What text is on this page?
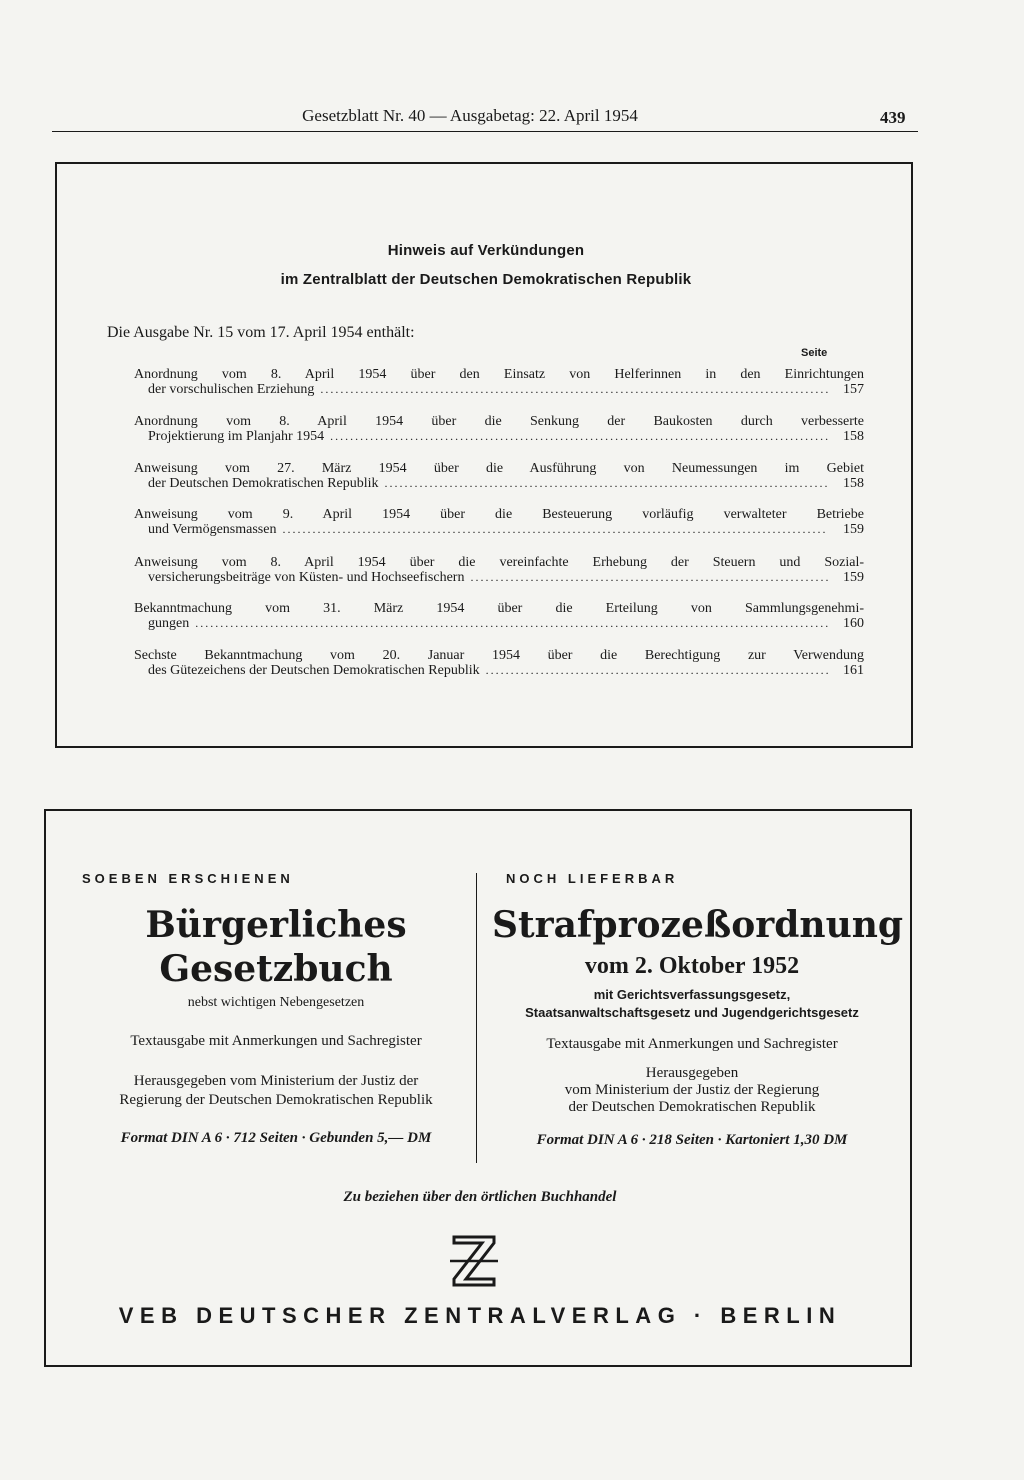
Gesetzblatt Nr. 40 — Ausgabetag: 22. April 1954	439
Hinweis auf Verkündungen
im Zentralblatt der Deutschen Demokratischen Republik
Die Ausgabe Nr. 15 vom 17. April 1954 enthält:
Seite
Anordnung vom 8. April 1954 über den Einsatz von Helferinnen in den Einrichtungen
der vorschulischen Erziehung .....	157
Anordnung vom 8. April 1954 über die Senkung der Baukosten durch verbesserte
Projektierung im Planjahr 1954 .....	158
Anweisung vom 27. März 1954 über die Ausführung von Neumessungen im Gebiet
der Deutschen Demokratischen Republik .....	158
Anweisung vom 9. April 1954 über die Besteuerung vorläufig verwalteter Betriebe
und Vermögensmassen .....	159
Anweisung vom 8. April 1954 über die vereinfachte Erhebung der Steuern und Sozial-
versicherungsbeiträge von Küsten- und Hochseefischern .....	159
Bekanntmachung vom 31. März 1954 über die Erteilung von Sammlungsgenehmi-
gungen .....	160
Sechste Bekanntmachung vom 20. Januar 1954 über die Berechtigung zur Verwendung
des Gütezeichens der Deutschen Demokratischen Republik .....	161
SOEBEN ERSCHIENEN
Bürgerliches
Gesetzbuch
nebst wichtigen Nebengesetzen
Textausgabe mit Anmerkungen und Sachregister
Herausgegeben vom Ministerium der Justiz der
Regierung der Deutschen Demokratischen Republik
Format DIN A 6 · 712 Seiten · Gebunden 5,— DM
NOCH LIEFERBAR
Strafprozeßordnung
vom 2. Oktober 1952
mit Gerichtsverfassungsgesetz,
Staatsanwaltschaftsgesetz und Jugendgerichtsgesetz
Textausgabe mit Anmerkungen und Sachregister
Herausgegeben
vom Ministerium der Justiz der Regierung
der Deutschen Demokratischen Republik
Format DIN A 6 · 218 Seiten · Kartoniert 1,30 DM
Zu beziehen über den örtlichen Buchhandel
VEB DEUTSCHER ZENTRALVERLAG · BERLIN
